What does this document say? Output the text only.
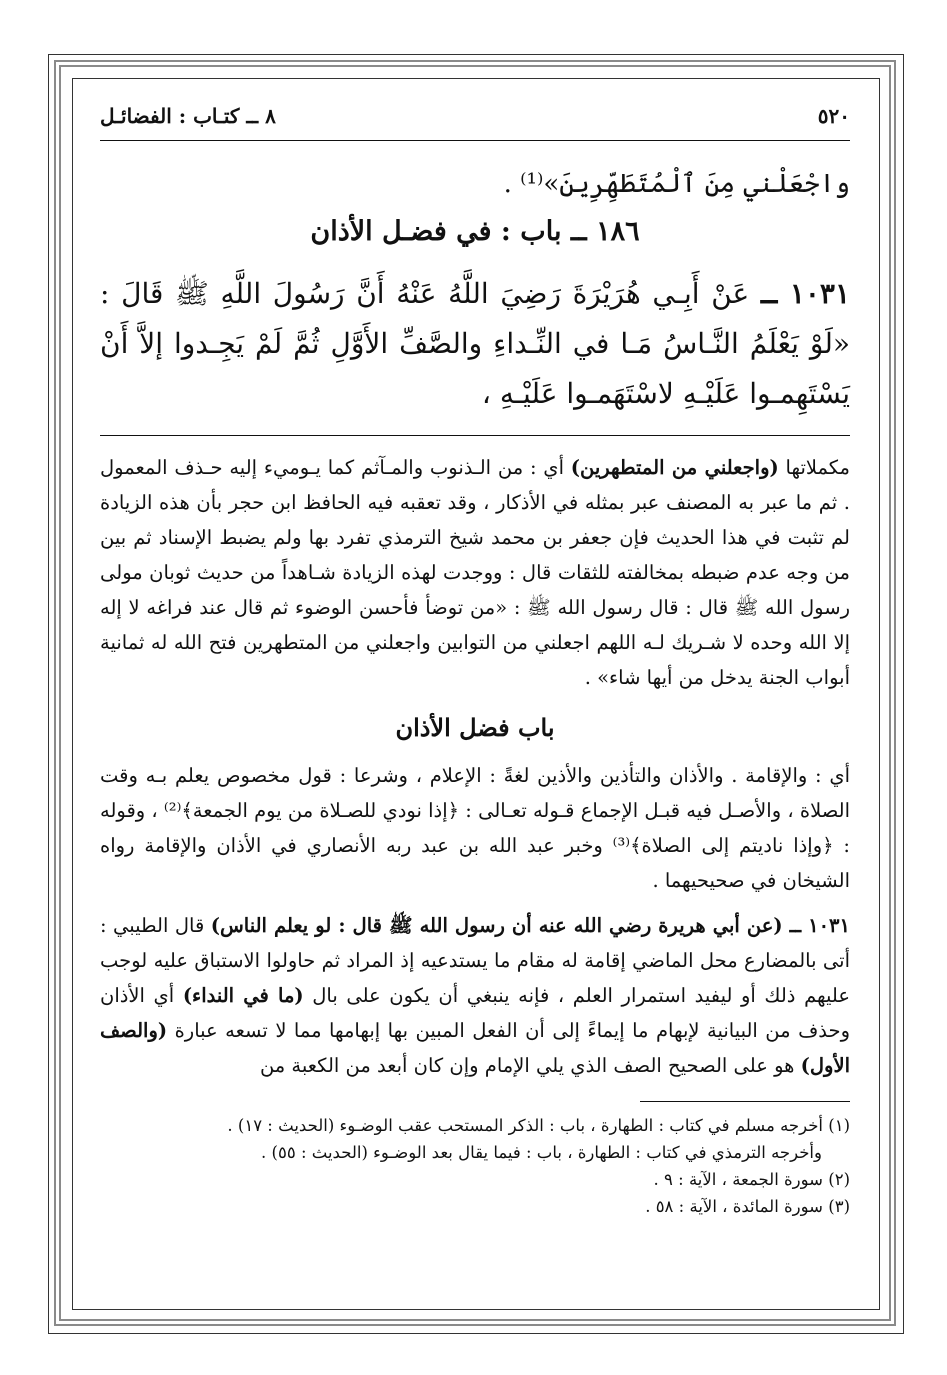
٥٢٠
٨ ــ كتـاب : الفضائـل
واجْعَلْني مِنَ ٱلْمُتَطَهِّرِينَ»⁽¹⁾ .
١٨٦ ــ باب : في فضـل الأذان
١٠٣١ ــ عَنْ أَبِـي هُرَيْرَةَ رَضِيَ اللَّهُ عَنْهُ أَنَّ رَسُولَ اللَّهِ ﷺ قَالَ : «لَوْ يَعْلَمُ النَّـاسُ مَـا في النِّـداءِ والصَّفِّ الأَوَّلِ ثُمَّ لَمْ يَجِـدوا إلاَّ أَنْ يَسْتَهِمـوا عَلَيْـهِ لاسْتَهَمـوا عَلَيْـهِ ،
مكملاتها (واجعلني من المتطهرين) أي : من الـذنوب والمـآثم كما يـوميء إليه حـذف المعمول . ثم ما عبر به المصنف عبر بمثله في الأذكار ، وقد تعقبه فيه الحافظ ابن حجر بأن هذه الزيادة لم تثبت في هذا الحديث فإن جعفر بن محمد شيخ الترمذي تفرد بها ولم يضبط الإسناد ثم بين من وجه عدم ضبطه بمخالفته للثقات قال : ووجدت لهذه الزيادة شـاهداً من حديث ثوبان مولى رسول الله ﷺ قال : قال رسول الله ﷺ : «من توضأ فأحسن الوضوء ثم قال عند فراغه لا إله إلا الله وحده لا شـريك لـه اللهم اجعلني من التوابين واجعلني من المتطهرين فتح الله له ثمانية أبواب الجنة يدخل من أيها شاء» .
باب فضل الأذان
أي : والإقامة . والأذان والتأذين والأذين لغةً : الإعلام ، وشرعا : قول مخصوص يعلم بـه وقت الصلاة ، والأصـل فيه قبـل الإجماع قـوله تعـالى : ﴿إذا نودي للصـلاة من يوم الجمعة﴾⁽²⁾ ، وقوله : ﴿وإذا ناديتم إلى الصلاة﴾⁽³⁾ وخبر عبد الله بن عبد ربه الأنصاري في الأذان والإقامة رواه الشيخان في صحيحيهما .
١٠٣١ ــ (عن أبي هريرة رضي الله عنه أن رسول الله ﷺ قال : لو يعلم الناس) قال الطيبي : أتى بالمضارع محل الماضي إقامة له مقام ما يستدعيه إذ المراد ثم حاولوا الاستباق عليه لوجب عليهم ذلك أو ليفيد استمرار العلم ، فإنه ينبغي أن يكون على بال (ما في النداء) أي الأذان وحذف من البيانية لإبهام ما إيماءً إلى أن الفعل المبين بها إبهامها مما لا تسعه عبارة (والصف الأول) هو على الصحيح الصف الذي يلي الإمام وإن كان أبعد من الكعبة من
(١) أخرجه مسلم في كتاب : الطهارة ، باب : الذكر المستحب عقب الوضـوء (الحديث : ١٧) .
وأخرجه الترمذي في كتاب : الطهارة ، باب : فيما يقال بعد الوضـوء (الحديث : ٥٥) .
(٢) سورة الجمعة ، الآية : ٩ .
(٣) سورة المائدة ، الآية : ٥٨ .
